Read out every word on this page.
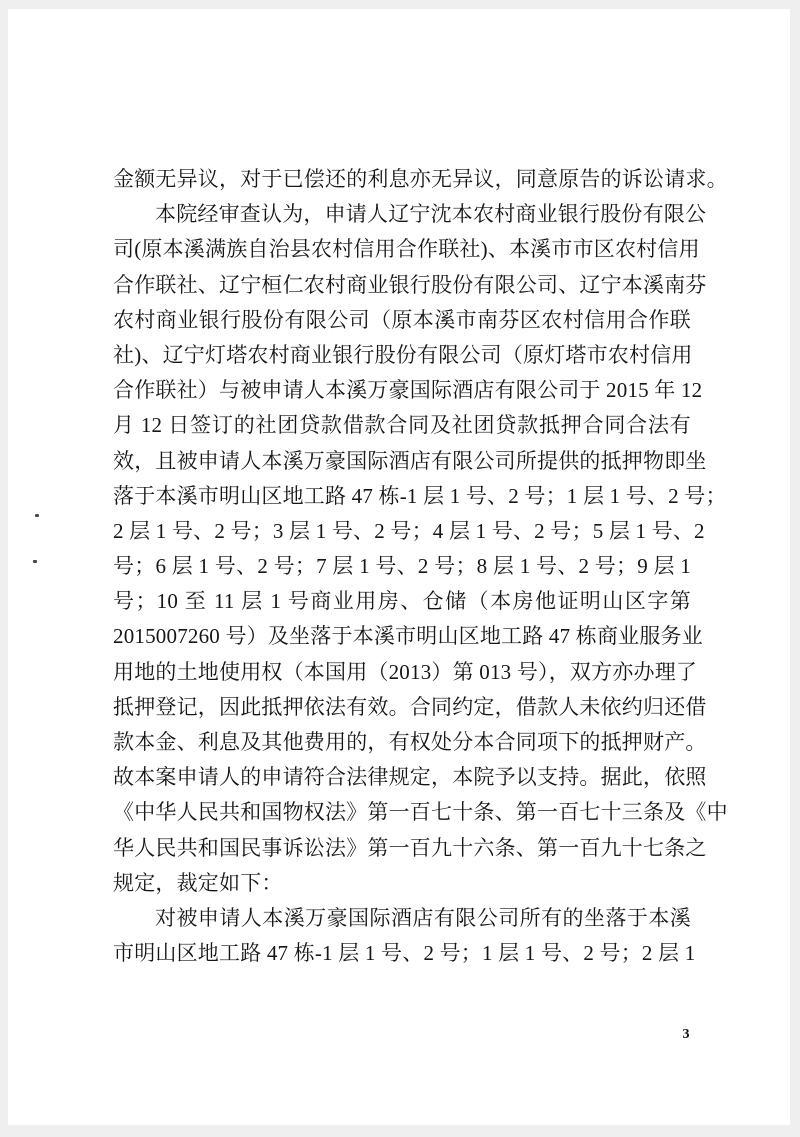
金额无异议，对于已偿还的利息亦无异议，同意原告的诉讼请求。
本院经审查认为，申请人辽宁沈本农村商业银行股份有限公
司(原本溪满族自治县农村信用合作联社)、本溪市市区农村信用
合作联社、辽宁桓仁农村商业银行股份有限公司、辽宁本溪南芬
农村商业银行股份有限公司（原本溪市南芬区农村信用合作联
社)、辽宁灯塔农村商业银行股份有限公司（原灯塔市农村信用
合作联社）与被申请人本溪万豪国际酒店有限公司于 2015 年 12
月 12 日签订的社团贷款借款合同及社团贷款抵押合同合法有
效，且被申请人本溪万豪国际酒店有限公司所提供的抵押物即坐
落于本溪市明山区地工路 47 栋-1 层 1 号、2 号；1 层 1 号、2 号；
2 层 1 号、2 号；3 层 1 号、2 号；4 层 1 号、2 号；5 层 1 号、2
号；6 层 1 号、2 号；7 层 1 号、2 号；8 层 1 号、2 号；9 层 1
号；10 至 11 层 1 号商业用房、仓储（本房他证明山区字第
2015007260 号）及坐落于本溪市明山区地工路 47 栋商业服务业
用地的土地使用权（本国用（2013）第 013 号），双方亦办理了
抵押登记，因此抵押依法有效。合同约定，借款人未依约归还借
款本金、利息及其他费用的，有权处分本合同项下的抵押财产。
故本案申请人的申请符合法律规定，本院予以支持。据此，依照
《中华人民共和国物权法》第一百七十条、第一百七十三条及《中
华人民共和国民事诉讼法》第一百九十六条、第一百九十七条之
规定，裁定如下：
对被申请人本溪万豪国际酒店有限公司所有的坐落于本溪
市明山区地工路 47 栋-1 层 1 号、2 号；1 层 1 号、2 号；2 层 1
3
